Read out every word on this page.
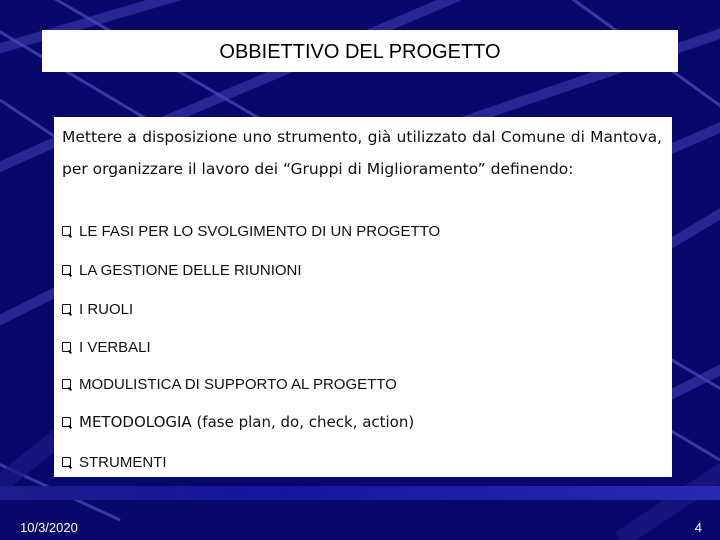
OBBIETTIVO DEL PROGETTO
Mettere a disposizione uno strumento, già utilizzato dal Comune di Mantova, per organizzare il lavoro dei “Gruppi di Miglioramento” definendo:
LE FASI PER LO SVOLGIMENTO DI UN PROGETTO
LA GESTIONE DELLE RIUNIONI
I RUOLI
I VERBALI
MODULISTICA DI SUPPORTO AL PROGETTO
METODOLOGIA (fase plan, do, check, action)
STRUMENTI
10/3/2020	4
